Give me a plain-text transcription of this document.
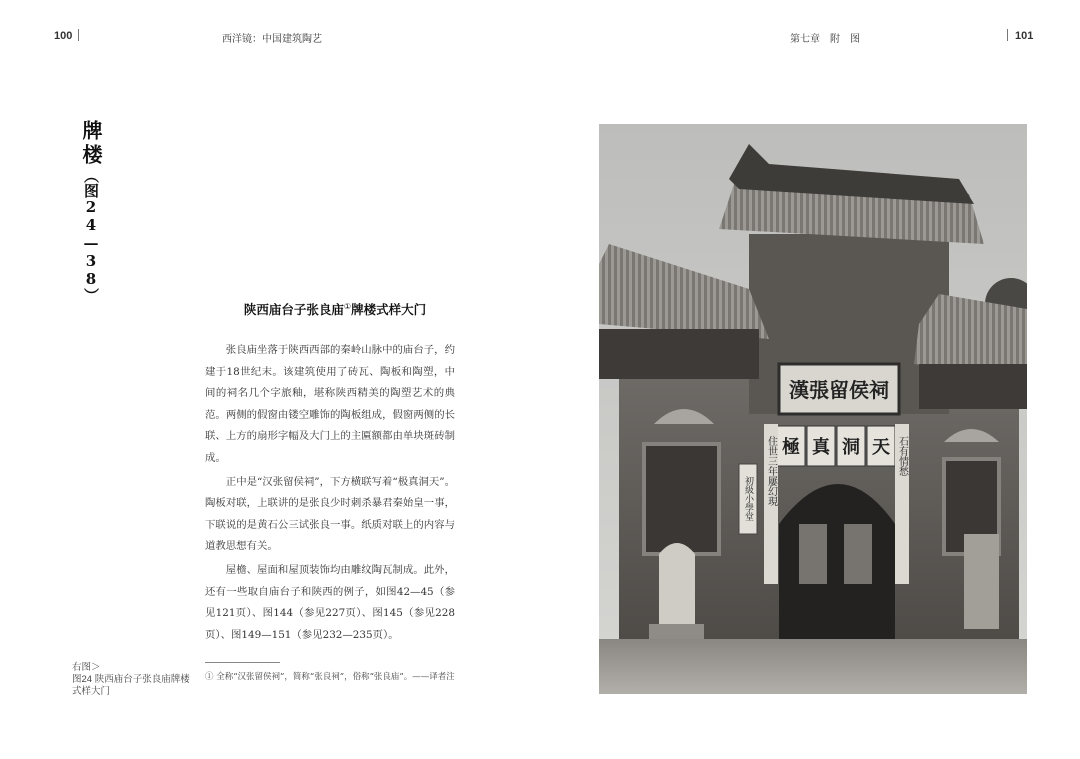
100	西洋镜：中国建筑陶艺	第七章　附　图	101
牌楼（图24—38）
陕西庙台子张良庙①牌楼式样大门

张良庙坐落于陕西西部的秦岭山脉中的庙台子，约建于18世纪末。该建筑使用了砖瓦、陶板和陶塑，中间的祠名几个字旅釉，堪称陕西精美的陶塑艺术的典范。两侧的假窗由镂空雕饰的陶板组成，假窗两侧的长联、上方的扇形字幅及大门上的主匾额都由单块斑砖制成。

正中是“汉张留侯祠”，下方横联写着“极真洞天”。陶板对联，上联讲的是张良少时刺杀暴君秦始皇一事，下联说的是黄石公三试张良一事。纸质对联上的内容与道教思想有关。

屋檐、屋面和屋顶装饰均由雕纹陶瓦制成。此外，还有一些取自庙台子和陕西的例子，如图42—45（参见121页）、图144（参见227页）、图145（参见228页）、图149—151（参见232—235页）。

右图＞
图24 陕西庙台子张良庙牌楼式样大门
① 全称“汉张留侯祠”，简称“张良祠”，俗称“张良庙”。——译者注
漢張留侯祠
極 真 洞 天
住世三年屢幻現	石有情愁
初級小學堂
